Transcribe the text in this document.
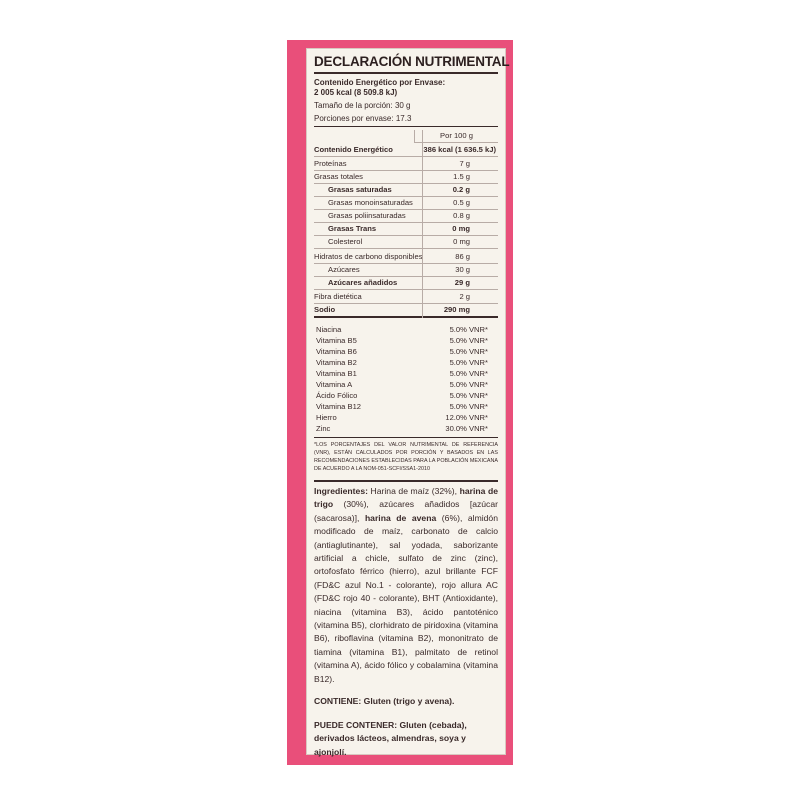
DECLARACIÓN NUTRIMENTAL
Contenido Energético por Envase:
2 005 kcal (8 509.8 kJ)
Tamaño de la porción: 30 g
Porciones por envase: 17.3
Por 100 g
Contenido Energético	386 kcal (1 636.5 kJ)
Proteínas	7 g
Grasas totales	1.5 g
Grasas saturadas	0.2 g
Grasas monoinsaturadas	0.5 g
Grasas poliinsaturadas	0.8 g
Grasas Trans	0 mg
Colesterol	0 mg
Hidratos de carbono disponibles	86 g
Azúcares	30 g
Azúcares añadidos	29 g
Fibra dietética	2 g
Sodio	290 mg
Niacina	5.0% VNR*
Vitamina B5	5.0% VNR*
Vitamina B6	5.0% VNR*
Vitamina B2	5.0% VNR*
Vitamina B1	5.0% VNR*
Vitamina A	5.0% VNR*
Ácido Fólico	5.0% VNR*
Vitamina B12	5.0% VNR*
Hierro	12.0% VNR*
Zinc	30.0% VNR*
*LOS PORCENTAJES DEL VALOR NUTRIMENTAL DE REFERENCIA (VNR), ESTÁN CALCULADOS POR PORCIÓN Y BASADOS EN LAS RECOMENDACIONES ESTABLECIDAS PARA LA POBLACIÓN MEXICANA DE ACUERDO A LA NOM-051-SCFI/SSA1-2010
Ingredientes: Harina de maíz (32%), harina de trigo (30%), azúcares añadidos [azúcar (sacarosa)], harina de avena (6%), almidón modificado de maíz, carbonato de calcio (antiaglutinante), sal yodada, saborizante artificial a chicle, sulfato de zinc (zinc), ortofosfato férrico (hierro), azul brillante FCF (FD&C azul No.1 - colorante), rojo allura AC (FD&C rojo 40 - colorante), BHT (Antioxidante), niacina (vitamina B3), ácido pantoténico (vitamina B5), clorhidrato de piridoxina (vitamina B6), riboflavina (vitamina B2), mononitrato de tiamina (vitamina B1), palmitato de retinol (vitamina A), ácido fólico y cobalamina (vitamina B12).
CONTIENE: Gluten (trigo y avena).
PUEDE CONTENER: Gluten (cebada), derivados lácteos, almendras, soya y ajonjolí.
